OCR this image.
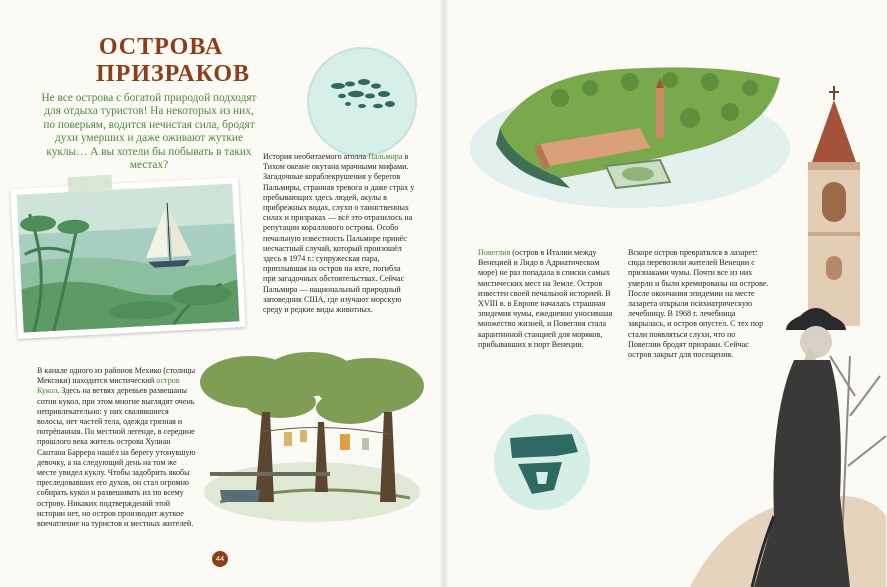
ОСТРОВА ПРИЗРАКОВ
Не все острова с богатой природой подходят для отдыха туристов! На некоторых из них, по поверьям, водится нечистая сила, бродят духи умерших и даже оживают жуткие куклы… А вы хотели бы побывать в таких местах?
История необитаемого атолла Пальмира в Тихом океане окутана мрачными мифами. Загадочные кораблекрушения у берегов Пальмиры, странная тревога и даже страх у пребывающих здесь людей, акулы в прибрежных водах, слухи о таинственных силах и призраках — всё это отразилось на репутации кораллового острова. Особо печальную известность Пальмире принёс несчастный случай, который произошёл здесь в 1974 г.: супружеская пара, приплывшая на остров на яхте, погибла при загадочных обстоятельствах. Сейчас Пальмира — национальный природный заповедник США, где изучают морскую среду и редкие виды животных.
В канале одного из районов Мехико (столицы Мексики) находится мистический остров Кукол. Здесь на ветвях деревьев развешаны сотни кукол, при этом многие выглядят очень непривлекательно: у них свалявшиеся волосы, нет частей тела, одежда грязная и потрёпанная. По местной легенде, в середине прошлого века житель острова Хулиан Сантана Баррера нашёл на берегу утонувшую девочку, а на следующий день на том же месте увидел куклу. Чтобы задобрить якобы преследовавших его духов, он стал огромно собирать кукол и развешивать их по всему острову. Никаких подтверждений этой истории нет, но остров производит жуткое впечатление на туристов и местных жителей.
44
Повеглия (остров в Италии между Венецией и Лидо в Адриатическом море) не раз попадала в списки самых мистических мест на Земле. Остров известен своей печальной историей. В XVIII в. в Европе началась страшная эпидемия чумы, ежедневно уносившая множество жизней, и Повеглия стала карантинной станцией для моряков, прибывавших в порт Венеции.
Вскоре остров превратился в лазарет: сюда перевозили жителей Венеции с признаками чумы. Почти все из них умерли и были кремированы на острове. После окончания эпидемии на месте лазарета открыли психиатрическую лечебницу. В 1968 г. лечебница закрылась, и остров опустел. С тех пор стали появляться слухи, что по Повеглии бродят призраки. Сейчас остров закрыт для посещения.
